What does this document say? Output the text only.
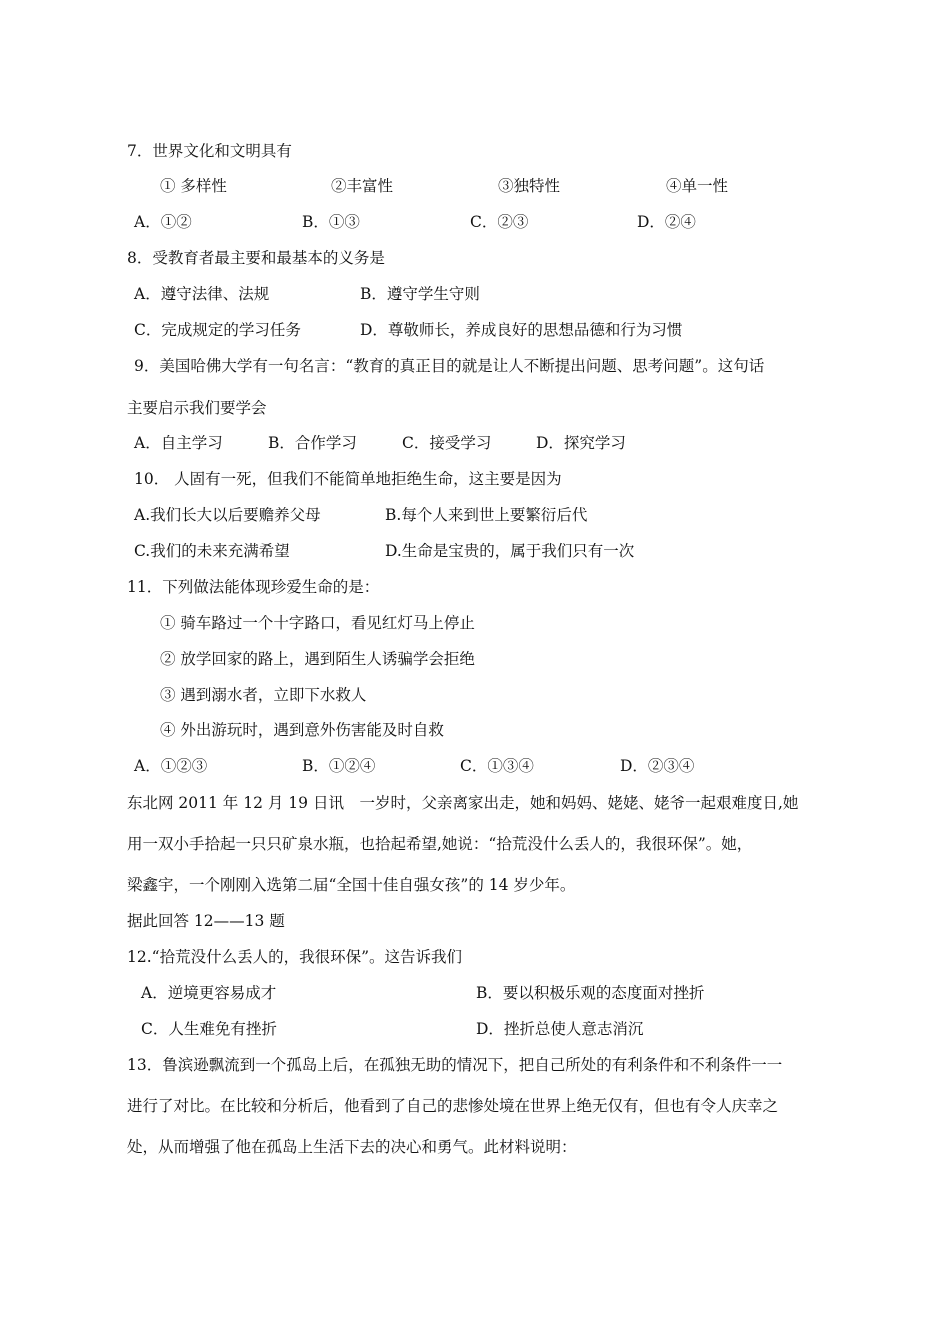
7．世界文化和文明具有
① 多样性	②丰富性	③独特性	④单一性
A．①②	B．①③	C．②③	D．②④
8．受教育者最主要和最基本的义务是
A．遵守法律、法规	B．遵守学生守则
C．完成规定的学习任务	D．尊敬师长，养成良好的思想品德和行为习惯
9．美国哈佛大学有一句名言：“教育的真正目的就是让人不断提出问题、思考问题”。这句话
主要启示我们要学会
A．自主学习	B．合作学习	C．接受学习	D．探究学习
10． 人固有一死，但我们不能简单地拒绝生命，这主要是因为
A.我们长大以后要赡养父母	B.每个人来到世上要繁衍后代
C.我们的未来充满希望	D.生命是宝贵的，属于我们只有一次
11．下列做法能体现珍爱生命的是：
① 骑车路过一个十字路口，看见红灯马上停止
② 放学回家的路上，遇到陌生人诱骗学会拒绝
③ 遇到溺水者，立即下水救人
④ 外出游玩时，遇到意外伤害能及时自救
A．①②③	B．①②④	C．①③④	D．②③④
东北网 2011 年 12 月 19 日讯　一岁时，父亲离家出走，她和妈妈、姥姥、姥爷一起艰难度日,她
用一双小手拾起一只只矿泉水瓶，也拾起希望,她说：“拾荒没什么丢人的，我很环保”。她，
梁鑫宇，一个刚刚入选第二届“全国十佳自强女孩”的 14 岁少年。
据此回答 12——13 题
12.“拾荒没什么丢人的，我很环保”。这告诉我们
A．逆境更容易成才	B．要以积极乐观的态度面对挫折
C．人生难免有挫折	D．挫折总使人意志消沉
13．鲁滨逊飘流到一个孤岛上后，在孤独无助的情况下，把自己所处的有利条件和不利条件一一
进行了对比。在比较和分析后，他看到了自己的悲惨处境在世界上绝无仅有，但也有令人庆幸之
处，从而增强了他在孤岛上生活下去的决心和勇气。此材料说明：
